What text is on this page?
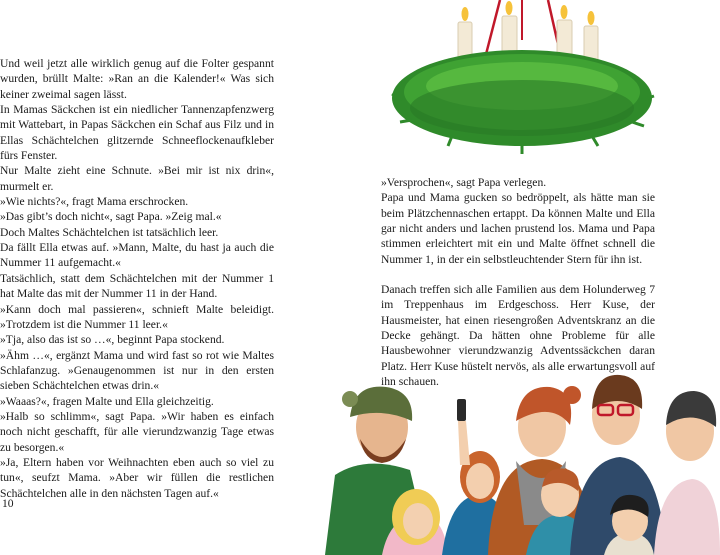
Und weil jetzt alle wirklich genug auf die Folter gespannt wurden, brüllt Malte: »Ran an die Kalender!« Was sich keiner zweimal sagen lässt.

In Mamas Säckchen ist ein niedlicher Tannenzapfenzwerg mit Wattebart, in Papas Säckchen ein Schaf aus Filz und in Ellas Schächtelchen glitzernde Schneeflockenaufkleber fürs Fenster.

Nur Malte zieht eine Schnute. »Bei mir ist nix drin«, murmelt er.

»Wie nichts?«, fragt Mama erschrocken.

»Das gibt’s doch nicht«, sagt Papa. »Zeig mal.«

Doch Maltes Schächtelchen ist tatsächlich leer.

Da fällt Ella etwas auf. »Mann, Malte, du hast ja auch die Nummer 11 aufgemacht.«

Tatsächlich, statt dem Schächtelchen mit der Nummer 1 hat Malte das mit der Nummer 11 in der Hand.

»Kann doch mal passieren«, schnieft Malte beleidigt. »Trotzdem ist die Nummer 11 leer.«

»Tja, also das ist so …«, beginnt Papa stockend.

»Ähm …«, ergänzt Mama und wird fast so rot wie Maltes Schlafanzug. »Genaugenommen ist nur in den ersten sieben Schächtelchen etwas drin.«

»Waaas?«, fragen Malte und Ella gleichzeitig.

»Halb so schlimm«, sagt Papa. »Wir haben es einfach noch nicht geschafft, für alle vierundzwanzig Tage etwas zu besorgen.«

»Ja, Eltern haben vor Weihnachten eben auch so viel zu tun«, seufzt Mama. »Aber wir füllen die restlichen Schächtelchen alle in den nächsten Tagen auf.«

10

»Versprochen«, sagt Papa verlegen.

Papa und Mama gucken so bedröppelt, als hätte man sie beim Plätzchennaschen ertappt. Da können Malte und Ella gar nicht anders und lachen prustend los. Mama und Papa stimmen erleichtert mit ein und Malte öffnet schnell die Nummer 1, in der ein selbstleuchtender Stern für ihn ist.

Danach treffen sich alle Familien aus dem Holunderweg 7 im Treppenhaus im Erdgeschoss. Herr Kuse, der Hausmeister, hat einen riesengroßen Adventskranz an die Decke gehängt. Da hätten ohne Probleme für alle Hausbewohner vierundzwanzig Adventssäckchen daran Platz. Herr Kuse hüstelt nervös, als alle erwartungsvoll auf ihn schauen.
